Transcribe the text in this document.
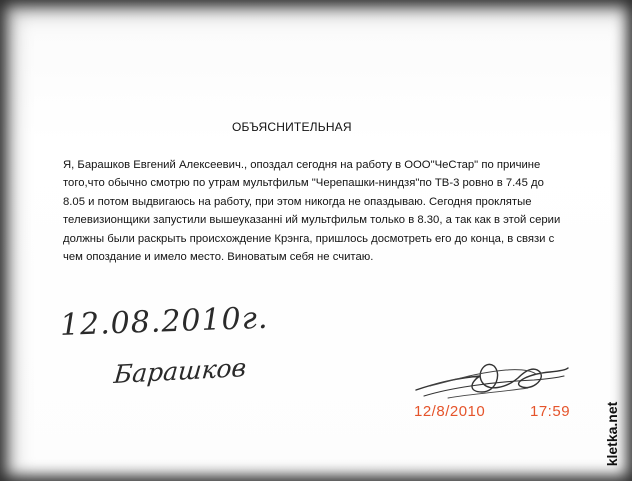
ОБЪЯСНИТЕЛЬНАЯ
Я, Барашков Евгений Алексеевич., опоздал сегодня на работу в ООО"ЧеСтар" по причине
того,что обычно смотрю по утрам мультфильм "Черепашки-ниндзя"по ТВ-3 ровно в 7.45 до
8.05 и потом выдвигаюсь на работу, при этом никогда не опаздываю. Сегодня проклятые
телевизионщики запустили вышеуказанні ий мультфильм только в 8.30, а так как в этой серии
должны были раскрыть происхождение Крэнга, пришлось досмотреть его до конца, в связи с
чем опоздание и имело место. Виноватым себя не считаю.
12.08.2010г.
Барашков
12/8/2010	17:59 kletka.net
